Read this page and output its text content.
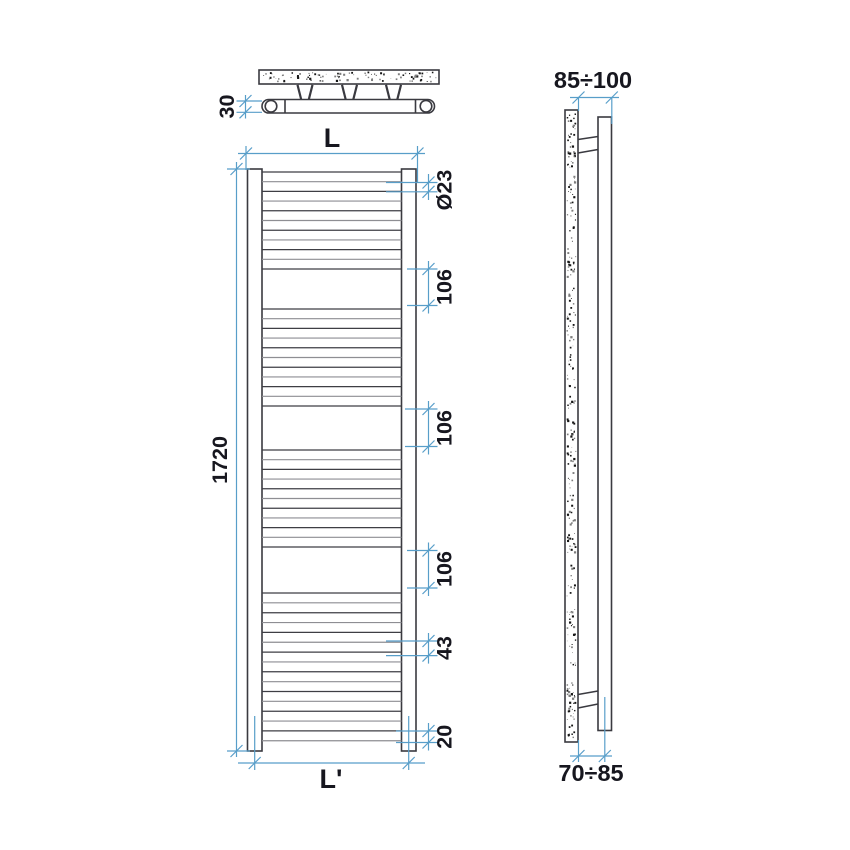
30
L
1720
Ø23
106
106
106
43
20
L'
85÷100
70÷85
